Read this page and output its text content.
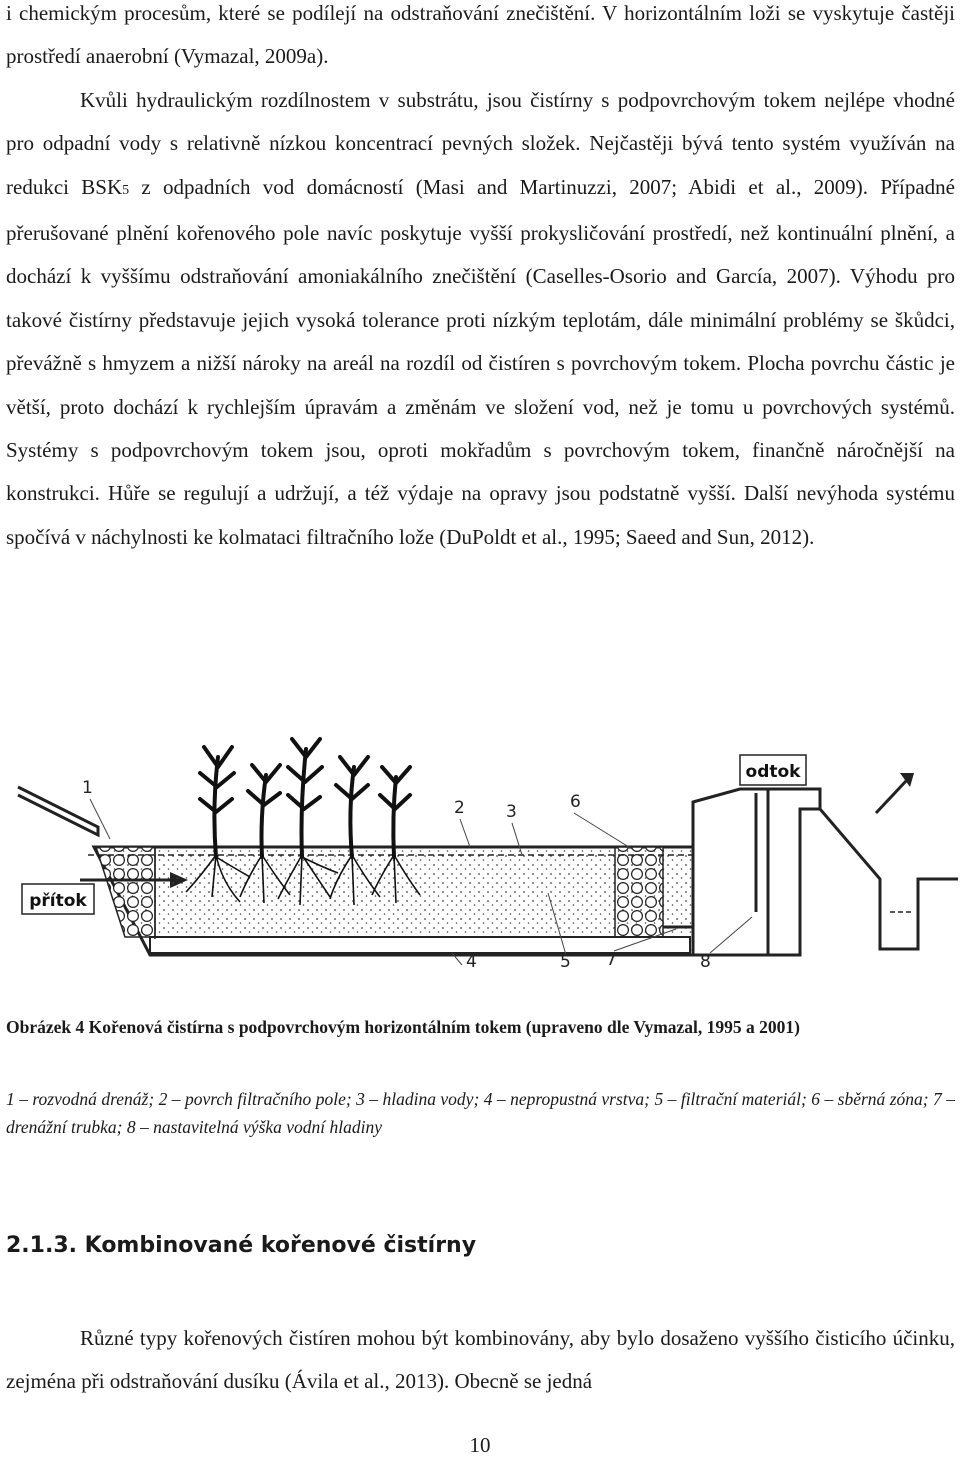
i chemickým procesům, které se podílejí na odstraňování znečištění. V horizontálním loži se vyskytuje častěji prostředí anaerobní (Vymazal, 2009a).
Kvůli hydraulickým rozdílnostem v substrátu, jsou čistírny s podpovrchovým tokem nejlépe vhodné pro odpadní vody s relativně nízkou koncentrací pevných složek. Nejčastěji bývá tento systém využíván na redukci BSK5 z odpadních vod domácností (Masi and Martinuzzi, 2007; Abidi et al., 2009). Případné přerušované plnění kořenového pole navíc poskytuje vyšší prokysličování prostředí, než kontinuální plnění, a dochází k vyššímu odstraňování amoniakálního znečištění (Caselles-Osorio and García, 2007). Výhodu pro takové čistírny představuje jejich vysoká tolerance proti nízkým teplotám, dále minimální problémy se škůdci, převážně s hmyzem a nižší nároky na areál na rozdíl od čistíren s povrchovým tokem. Plocha povrchu částic je větší, proto dochází k rychlejším úpravám a změnám ve složení vod, než je tomu u povrchových systémů. Systémy s podpovrchovým tokem jsou, oproti mokřadům s povrchovým tokem, finančně náročnější na konstrukci. Hůře se regulují a udržují, a též výdaje na opravy jsou podstatně vyšší. Další nevýhoda systému spočívá v náchylnosti ke kolmataci filtračního lože (DuPoldt et al., 1995; Saeed and Sun, 2012).

přítok
odtok
1
2 3
4	5
6
7	8

Obrázek 4 Kořenová čistírna s podpovrchovým horizontálním tokem (upraveno dle Vymazal, 1995 a 2001)

1 – rozvodná drenáž; 2 – povrch filtračního pole; 3 – hladina vody; 4 – nepropustná vrstva; 5 – filtrační materiál; 6 – sběrná zóna; 7 – drenážní trubka; 8 – nastavitelná výška vodní hladiny

2.1.3. Kombinované kořenové čistírny

Různé typy kořenových čistíren mohou být kombinovány, aby bylo dosaženo vyššího čisticího účinku, zejména při odstraňování dusíku (Ávila et al., 2013). Obecně se jedná

10
